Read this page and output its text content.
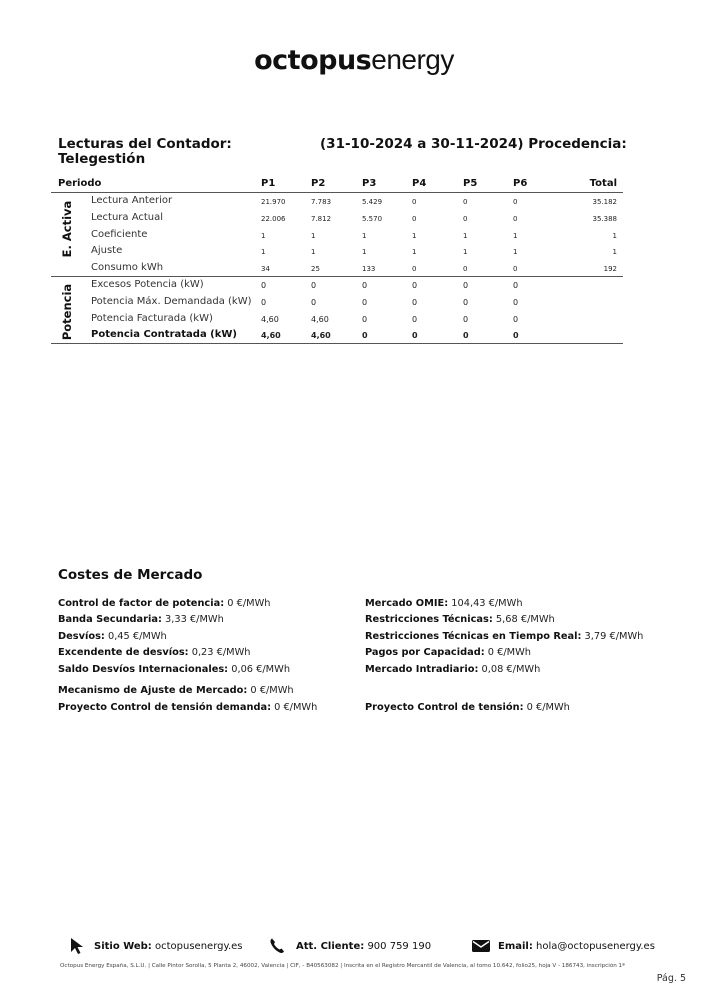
octopusenergy
Lecturas del Contador: Telegestión
(31-10-2024 a 30-11-2024) Procedencia:
Periodo	P1	P2	P3	P4	P5	P6	Total
Lectura Anterior	21.970	7.783	5.429	0	0	0	35.182
Lectura Actual	22.006	7.812	5.570	0	0	0	35.388
Coeficiente	1	1	1	1	1	1	1
Ajuste	1	1	1	1	1	1	1
Consumo kWh	34	25	133	0	0	0	192
E. Activa
Excesos Potencia (kW)	0	0	0	0	0	0
Potencia Máx. Demandada (kW) 0	0	0	0	0	0
Potencia Facturada (kW)	4,60	4,60	0	0	0	0
Potencia Contratada (kW)	4,60	4,60	0	0	0	0
Potencia
Costes de Mercado
Control de factor de potencia: 0 €/MWh
Banda Secundaria: 3,33 €/MWh
Desvíos: 0,45 €/MWh
Excendente de desvíos: 0,23 €/MWh
Saldo Desvíos Internacionales: 0,06 €/MWh
Mecanismo de Ajuste de Mercado: 0 €/MWh
Proyecto Control de tensión demanda: 0 €/MWh
Mercado OMIE: 104,43 €/MWh
Restricciones Técnicas: 5,68 €/MWh
Restricciones Técnicas en Tiempo Real: 3,79 €/MWh
Pagos por Capacidad: 0 €/MWh
Mercado Intradiario: 0,08 €/MWh
Proyecto Control de tensión: 0 €/MWh
Sitio Web: octopusenergy.es	Att. Cliente: 900 759 190	Email: hola@octopusenergy.es
Octopus Energy España, S.L.U. | Calle Pintor Sorolla, 5 Planta 2, 46002, Valencia | CIF, - B40563082 | Inscrita en el Registro Mercantil de Valencia, al tomo 10.642, folio25, hoja V - 186743, inscripción 1ª
Pág. 5
